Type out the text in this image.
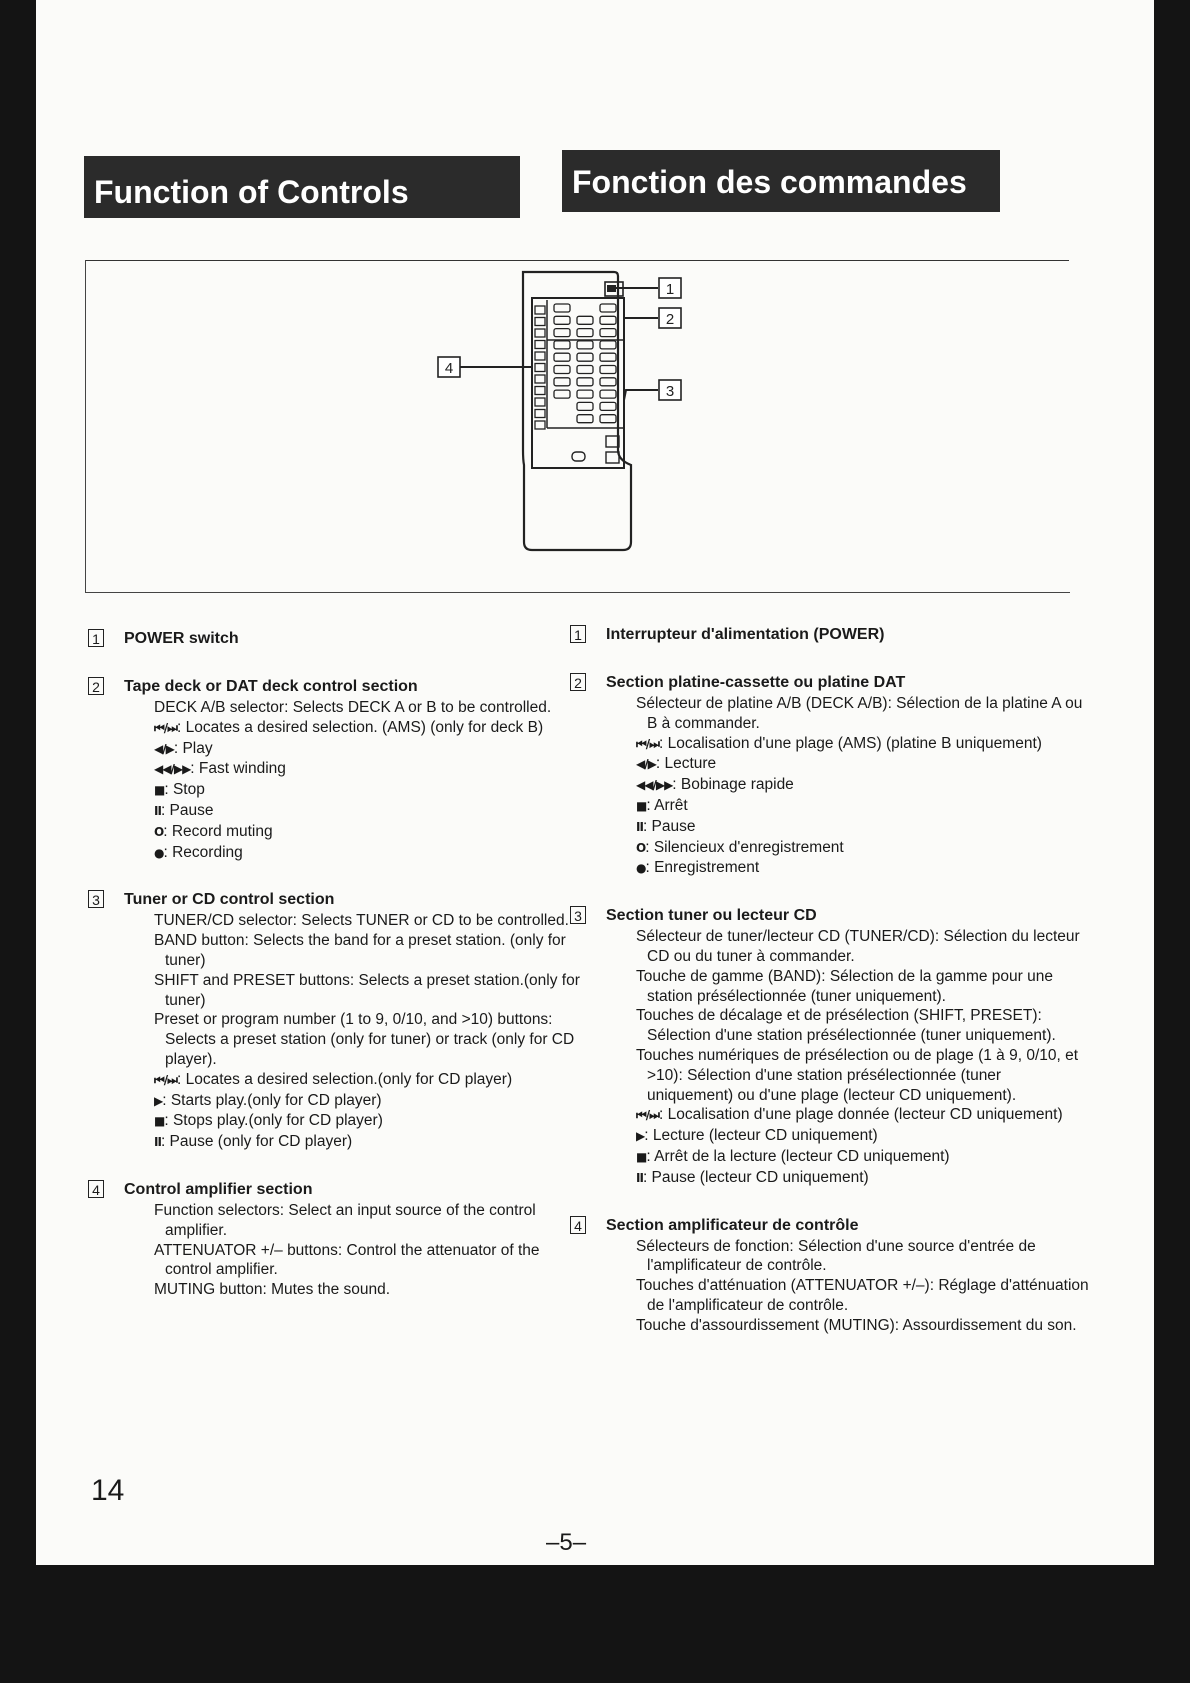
Function of Controls	Fonction des commandes
1
2
3
4
1 POWER switch
2 Tape deck or DAT deck control section

DECK A/B selector: Selects DECK A or B to be controlled.

⏮/⏭: Locates a desired selection. (AMS) (only for deck B)

◀/▶: Play

◀◀/▶▶: Fast winding

■: Stop

II: Pause

O: Record muting

●: Recording

3 Tuner or CD control section

TUNER/CD selector: Selects TUNER or CD to be controlled.

BAND button: Selects the band for a preset station. (only for tuner)

SHIFT and PRESET buttons: Selects a preset station.(only for tuner)

Preset or program number (1 to 9, 0/10, and >10) buttons: Selects a preset station (only for tuner) or track (only for CD player).

⏮/⏭: Locates a desired selection.(only for CD player)

▶: Starts play.(only for CD player)

■: Stops play.(only for CD player)

II: Pause (only for CD player)

4 Control amplifier section

Function selectors: Select an input source of the control amplifier.

ATTENUATOR +/– buttons: Control the attenuator of the control amplifier.

MUTING button: Mutes the sound.

1 Interrupteur d'alimentation (POWER)
2 Section platine-cassette ou platine DAT

Sélecteur de platine A/B (DECK A/B): Sélection de la platine A ou B à commander.

⏮/⏭: Localisation d'une plage (AMS) (platine B uniquement)

◀/▶: Lecture

◀◀/▶▶: Bobinage rapide

■: Arrêt

II: Pause

O: Silencieux d'enregistrement

●: Enregistrement

3 Section tuner ou lecteur CD

Sélecteur de tuner/lecteur CD (TUNER/CD): Sélection du lecteur CD ou du tuner à commander.

Touche de gamme (BAND): Sélection de la gamme pour une station présélectionnée (tuner uniquement).

Touches de décalage et de présélection (SHIFT, PRESET): Sélection d'une station présélectionnée (tuner uniquement).

Touches numériques de présélection ou de plage (1 à 9, 0/10, et >10): Sélection d'une station présélectionnée (tuner uniquement) ou d'une plage (lecteur CD uniquement).

⏮/⏭: Localisation d'une plage donnée (lecteur CD uniquement)

▶: Lecture (lecteur CD uniquement)

■: Arrêt de la lecture (lecteur CD uniquement)

II: Pause (lecteur CD uniquement)

4 Section amplificateur de contrôle

Sélecteurs de fonction: Sélection d'une source d'entrée de l'amplificateur de contrôle.

Touches d'atténuation (ATTENUATOR +/–): Réglage d'atténuation de l'amplificateur de contrôle.

Touche d'assourdissement (MUTING): Assourdissement du son.

14
–5–
